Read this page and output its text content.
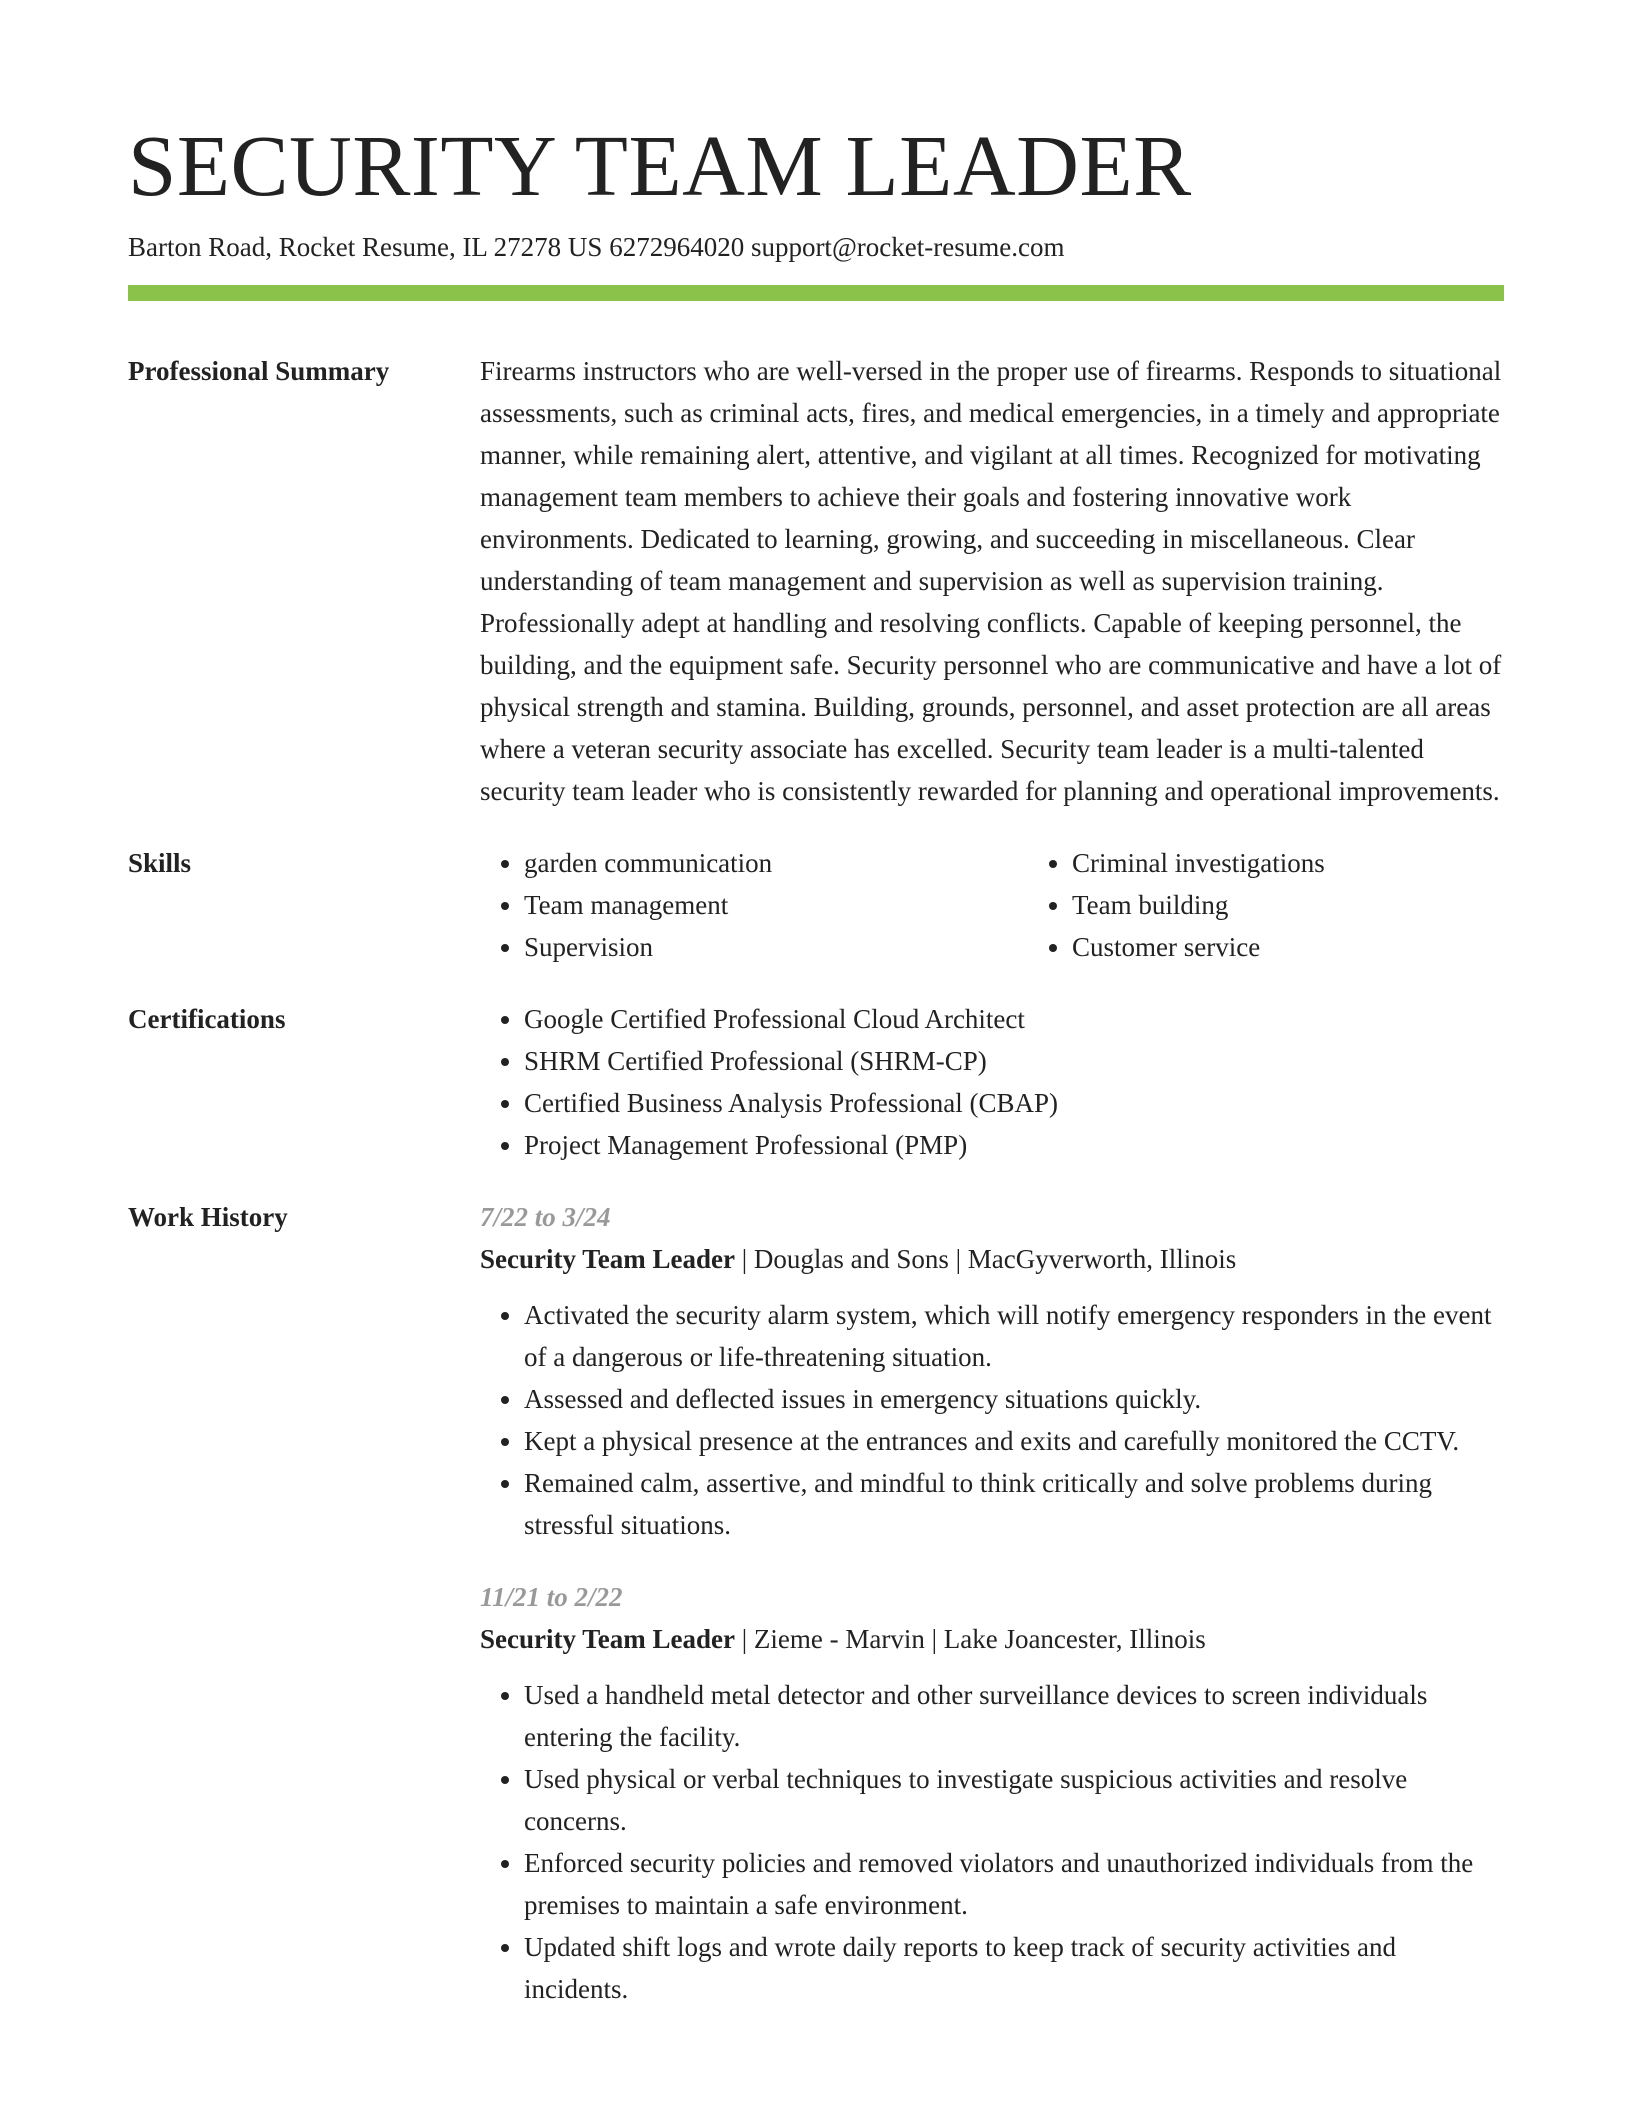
SECURITY TEAM LEADER
Barton Road, Rocket Resume, IL 27278 US 6272964020 support@rocket-resume.com
Professional Summary	Firearms instructors who are well-versed in the proper use of firearms. Responds to situational assessments, such as criminal acts, fires, and medical emergencies, in a timely and appropriate manner, while remaining alert, attentive, and vigilant at all times. Recognized for motivating management team members to achieve their goals and fostering innovative work environments. Dedicated to learning, growing, and succeeding in miscellaneous. Clear understanding of team management and supervision as well as supervision training. Professionally adept at handling and resolving conflicts. Capable of keeping personnel, the building, and the equipment safe. Security personnel who are communicative and have a lot of physical strength and stamina. Building, grounds, personnel, and asset protection are all areas where a veteran security associate has excelled. Security team leader is a multi-talented security team leader who is consistently rewarded for planning and operational improvements.

Skills	• garden communication
• Team management
• Supervision
• Criminal investigations
• Team building
• Customer service
Certifications	• Google Certified Professional Cloud Architect
• SHRM Certified Professional (SHRM-CP)
• Certified Business Analysis Professional (CBAP)
• Project Management Professional (PMP)
Work History	7/22 to 3/24
Security Team Leader | Douglas and Sons | MacGyverworth, Illinois
• Activated the security alarm system, which will notify emergency responders in the event of a dangerous or life-threatening situation.
• Assessed and deflected issues in emergency situations quickly.
• Kept a physical presence at the entrances and exits and carefully monitored the CCTV.
• Remained calm, assertive, and mindful to think critically and solve problems during stressful situations.
11/21 to 2/22
Security Team Leader | Zieme - Marvin | Lake Joancester, Illinois
• Used a handheld metal detector and other surveillance devices to screen individuals entering the facility.
• Used physical or verbal techniques to investigate suspicious activities and resolve concerns.
• Enforced security policies and removed violators and unauthorized individuals from the premises to maintain a safe environment.
• Updated shift logs and wrote daily reports to keep track of security activities and incidents.
